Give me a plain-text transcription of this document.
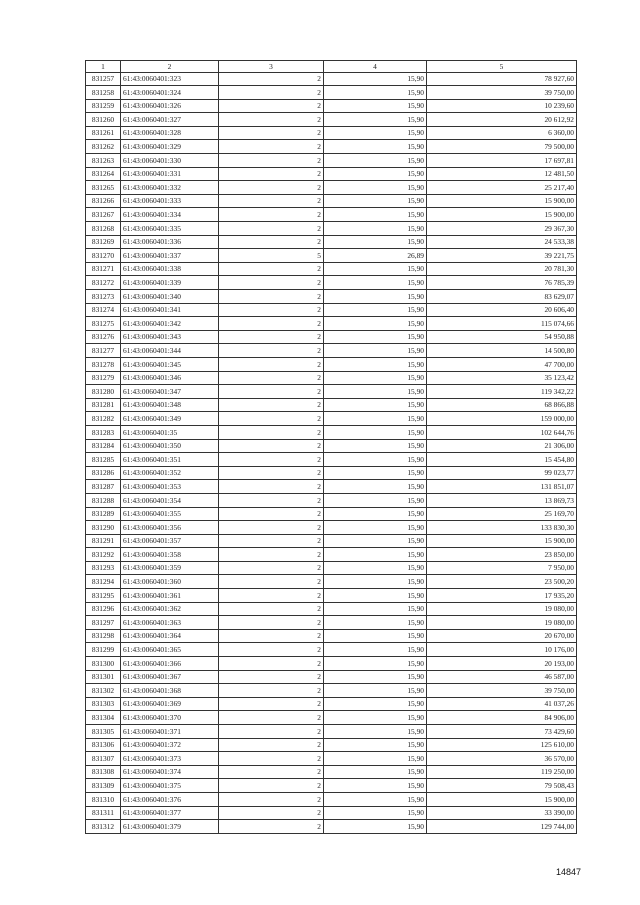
1	2	3	4	5
831257	61:43:0060401:323	2	15,90	78 927,60
831258	61:43:0060401:324	2	15,90	39 750,00
831259	61:43:0060401:326	2	15,90	10 239,60
831260	61:43:0060401:327	2	15,90	20 612,92
831261	61:43:0060401:328	2	15,90	6 360,00
831262	61:43:0060401:329	2	15,90	79 500,00
831263	61:43:0060401:330	2	15,90	17 697,81
831264	61:43:0060401:331	2	15,90	12 481,50
831265	61:43:0060401:332	2	15,90	25 217,40
831266	61:43:0060401:333	2	15,90	15 900,00
831267	61:43:0060401:334	2	15,90	15 900,00
831268	61:43:0060401:335	2	15,90	29 367,30
831269	61:43:0060401:336	2	15,90	24 533,38
831270	61:43:0060401:337	5	26,89	39 221,75
831271	61:43:0060401:338	2	15,90	20 781,30
831272	61:43:0060401:339	2	15,90	76 785,39
831273	61:43:0060401:340	2	15,90	83 629,07
831274	61:43:0060401:341	2	15,90	20 606,40
831275	61:43:0060401:342	2	15,90	115 074,66
831276	61:43:0060401:343	2	15,90	54 950,88
831277	61:43:0060401:344	2	15,90	14 500,80
831278	61:43:0060401:345	2	15,90	47 700,00
831279	61:43:0060401:346	2	15,90	35 123,42
831280	61:43:0060401:347	2	15,90	119 342,22
831281	61:43:0060401:348	2	15,90	68 866,88
831282	61:43:0060401:349	2	15,90	159 000,00
831283	61:43:0060401:35	2	15,90	102 644,76
831284	61:43:0060401:350	2	15,90	21 306,00
831285	61:43:0060401:351	2	15,90	15 454,80
831286	61:43:0060401:352	2	15,90	99 023,77
831287	61:43:0060401:353	2	15,90	131 851,07
831288	61:43:0060401:354	2	15,90	13 869,73
831289	61:43:0060401:355	2	15,90	25 169,70
831290	61:43:0060401:356	2	15,90	133 830,30
831291	61:43:0060401:357	2	15,90	15 900,00
831292	61:43:0060401:358	2	15,90	23 850,00
831293	61:43:0060401:359	2	15,90	7 950,00
831294	61:43:0060401:360	2	15,90	23 500,20
831295	61:43:0060401:361	2	15,90	17 935,20
831296	61:43:0060401:362	2	15,90	19 080,00
831297	61:43:0060401:363	2	15,90	19 080,00
831298	61:43:0060401:364	2	15,90	20 670,00
831299	61:43:0060401:365	2	15,90	10 176,00
831300	61:43:0060401:366	2	15,90	20 193,00
831301	61:43:0060401:367	2	15,90	46 587,00
831302	61:43:0060401:368	2	15,90	39 750,00
831303	61:43:0060401:369	2	15,90	41 037,26
831304	61:43:0060401:370	2	15,90	84 906,00
831305	61:43:0060401:371	2	15,90	73 429,60
831306	61:43:0060401:372	2	15,90	125 610,00
831307	61:43:0060401:373	2	15,90	36 570,00
831308	61:43:0060401:374	2	15,90	119 250,00
831309	61:43:0060401:375	2	15,90	79 508,43
831310	61:43:0060401:376	2	15,90	15 900,00
831311	61:43:0060401:377	2	15,90	33 390,00
831312	61:43:0060401:379	2	15,90	129 744,00
14847
